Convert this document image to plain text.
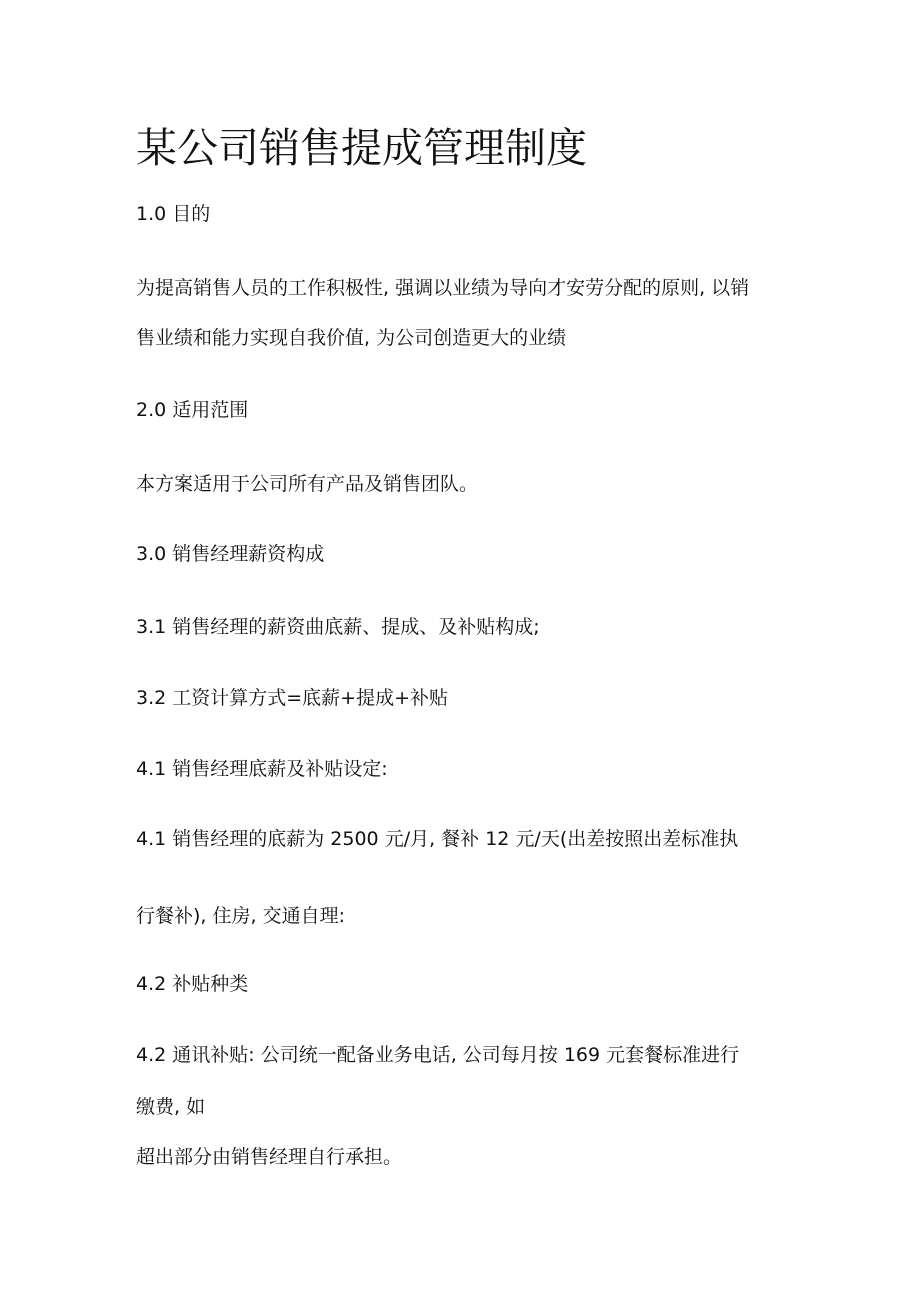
某公司销售提成管理制度
1.0 目的
为提高销售人员的工作积极性, 强调以业绩为导向才安劳分配的原则, 以销
售业绩和能力实现自我价值, 为公司创造更大的业绩
2.0 适用范围
本方案适用于公司所有产品及销售团队。
3.0 销售经理薪资构成
3.1 销售经理的薪资曲底薪、提成、及补贴构成;
3.2 工资计算方式=底薪+提成+补贴
4.1 销售经理底薪及补贴设定:
4.1 销售经理的底薪为 2500 元/月, 餐补 12 元/天(出差按照出差标准执
行餐补), 住房, 交通自理:
4.2 补贴种类
4.2 通讯补贴: 公司统一配备业务电话, 公司每月按 169 元套餐标准进行
缴费, 如
超出部分由销售经理自行承担。
